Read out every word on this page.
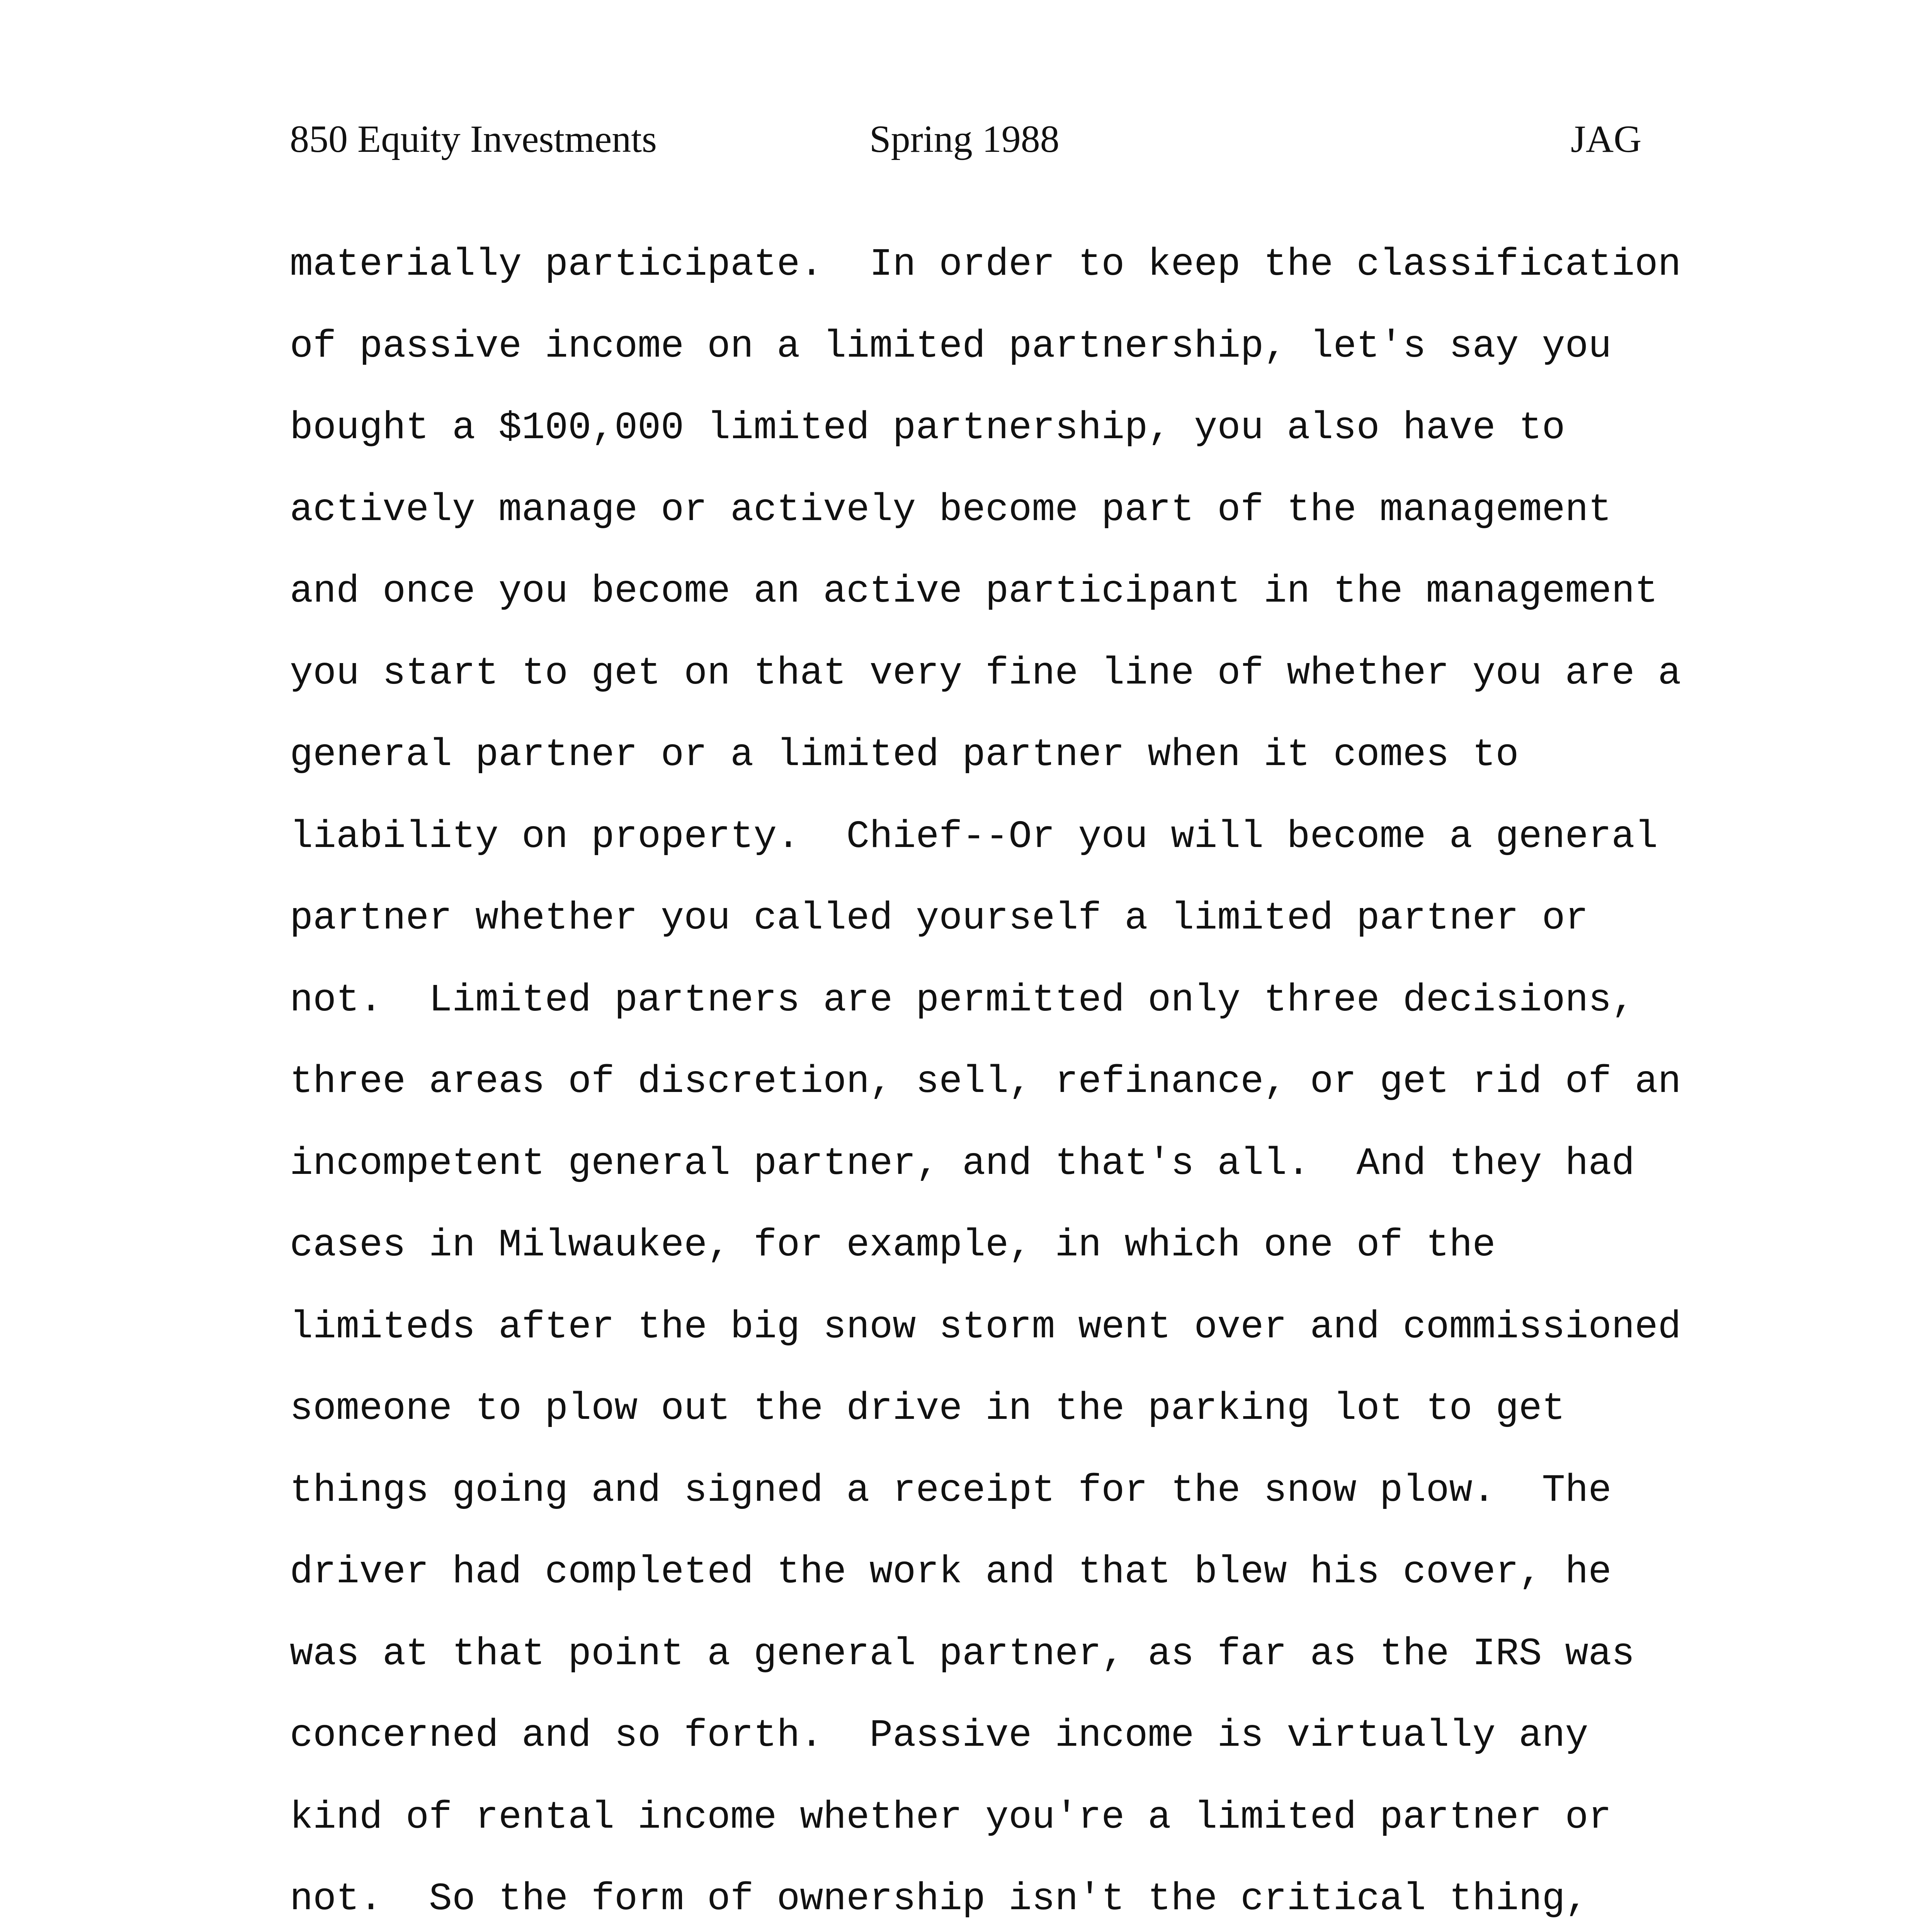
850 Equity Investments	Spring 1988	JAG
materially participate.  In order to keep the classification
of passive income on a limited partnership, let's say you
bought a $100,000 limited partnership, you also have to
actively manage or actively become part of the management
and once you become an active participant in the management
you start to get on that very fine line of whether you are a
general partner or a limited partner when it comes to
liability on property.  Chief--Or you will become a general
partner whether you called yourself a limited partner or
not.  Limited partners are permitted only three decisions,
three areas of discretion, sell, refinance, or get rid of an
incompetent general partner, and that's all.  And they had
cases in Milwaukee, for example, in which one of the
limiteds after the big snow storm went over and commissioned
someone to plow out the drive in the parking lot to get
things going and signed a receipt for the snow plow.  The
driver had completed the work and that blew his cover, he
was at that point a general partner, as far as the IRS was
concerned and so forth.  Passive income is virtually any
kind of rental income whether you're a limited partner or
not.  So the form of ownership isn't the critical thing,
